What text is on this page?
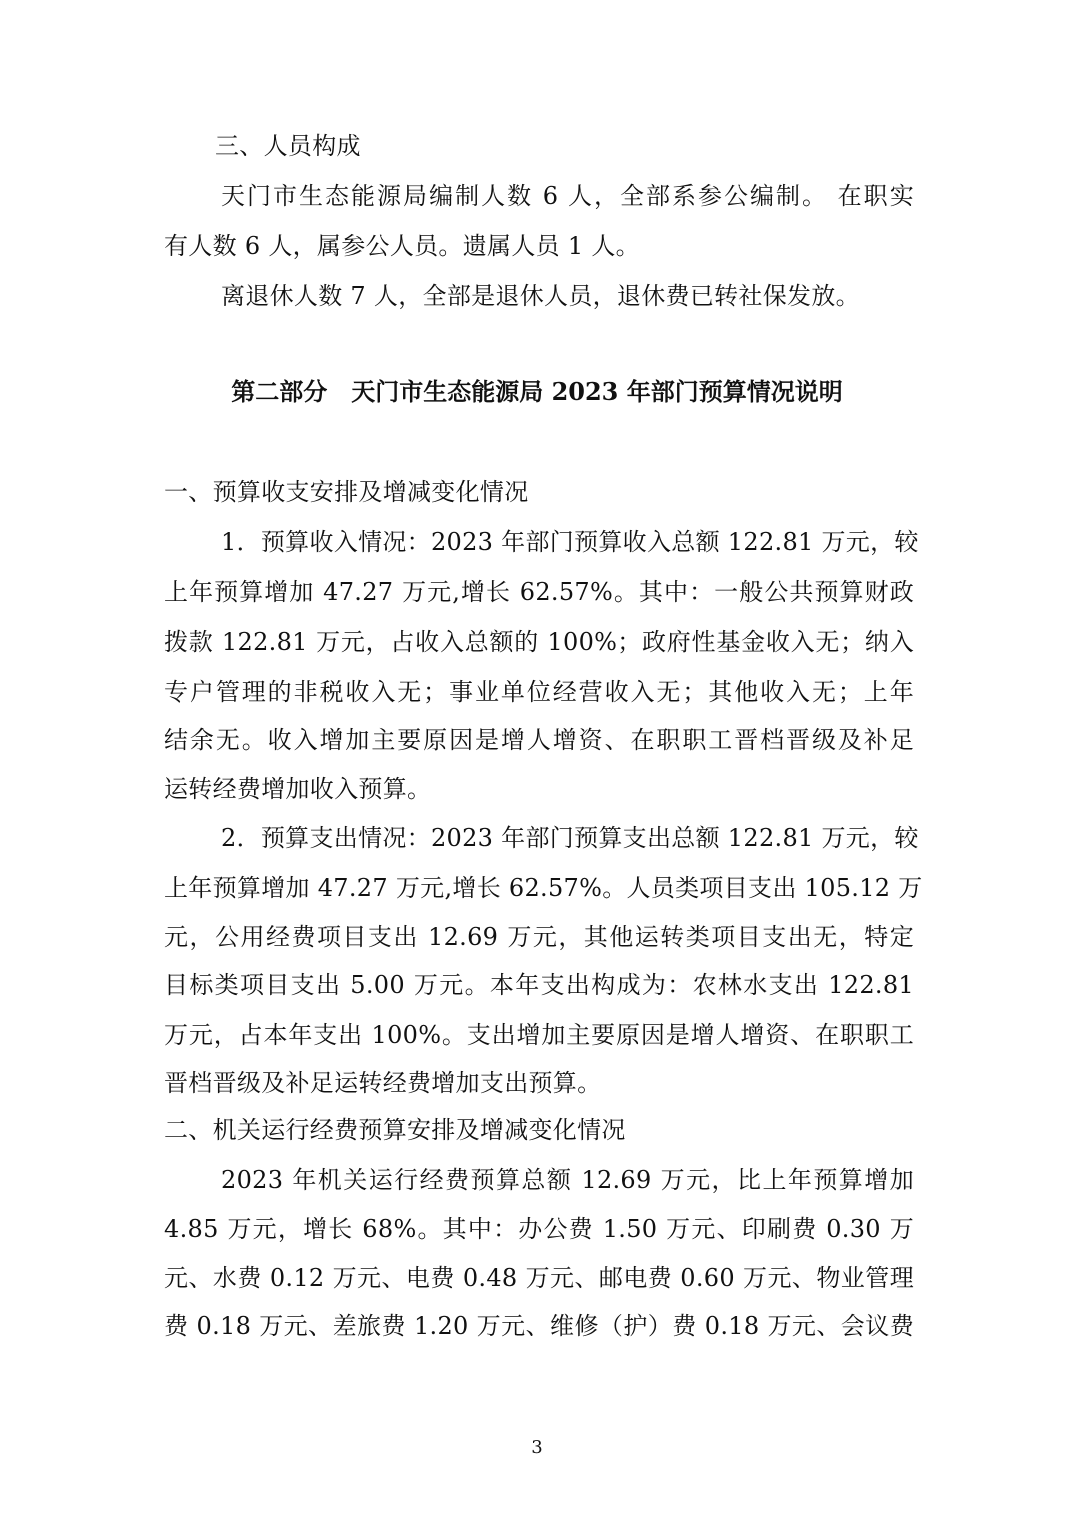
三、人员构成
天门市生态能源局编制人数 6 人，全部系参公编制。 在职实
有人数 6 人，属参公人员。遗属人员 1 人。
离退休人数 7 人，全部是退休人员，退休费已转社保发放。
第二部分　天门市生态能源局 2023 年部门预算情况说明
一、预算收支安排及增减变化情况
1．预算收入情况：2023 年部门预算收入总额 122.81 万元，较
上年预算增加 47.27 万元,增长 62.57%。其中：一般公共预算财政
拨款 122.81 万元，占收入总额的 100%；政府性基金收入无；纳入
专户管理的非税收入无；事业单位经营收入无；其他收入无；上年
结余无。收入增加主要原因是增人增资、在职职工晋档晋级及补足
运转经费增加收入预算。
2．预算支出情况：2023 年部门预算支出总额 122.81 万元，较
上年预算增加 47.27 万元,增长 62.57%。人员类项目支出 105.12 万
元，公用经费项目支出 12.69 万元，其他运转类项目支出无，特定
目标类项目支出 5.00 万元。本年支出构成为：农林水支出 122.81
万元，占本年支出 100%。支出增加主要原因是增人增资、在职职工
晋档晋级及补足运转经费增加支出预算。
二、机关运行经费预算安排及增减变化情况
2023 年机关运行经费预算总额 12.69 万元，比上年预算增加
4.85 万元，增长 68%。其中：办公费 1.50 万元、印刷费 0.30 万
元、水费 0.12 万元、电费 0.48 万元、邮电费 0.60 万元、物业管理
费 0.18 万元、差旅费 1.20 万元、维修（护）费 0.18 万元、会议费
3
